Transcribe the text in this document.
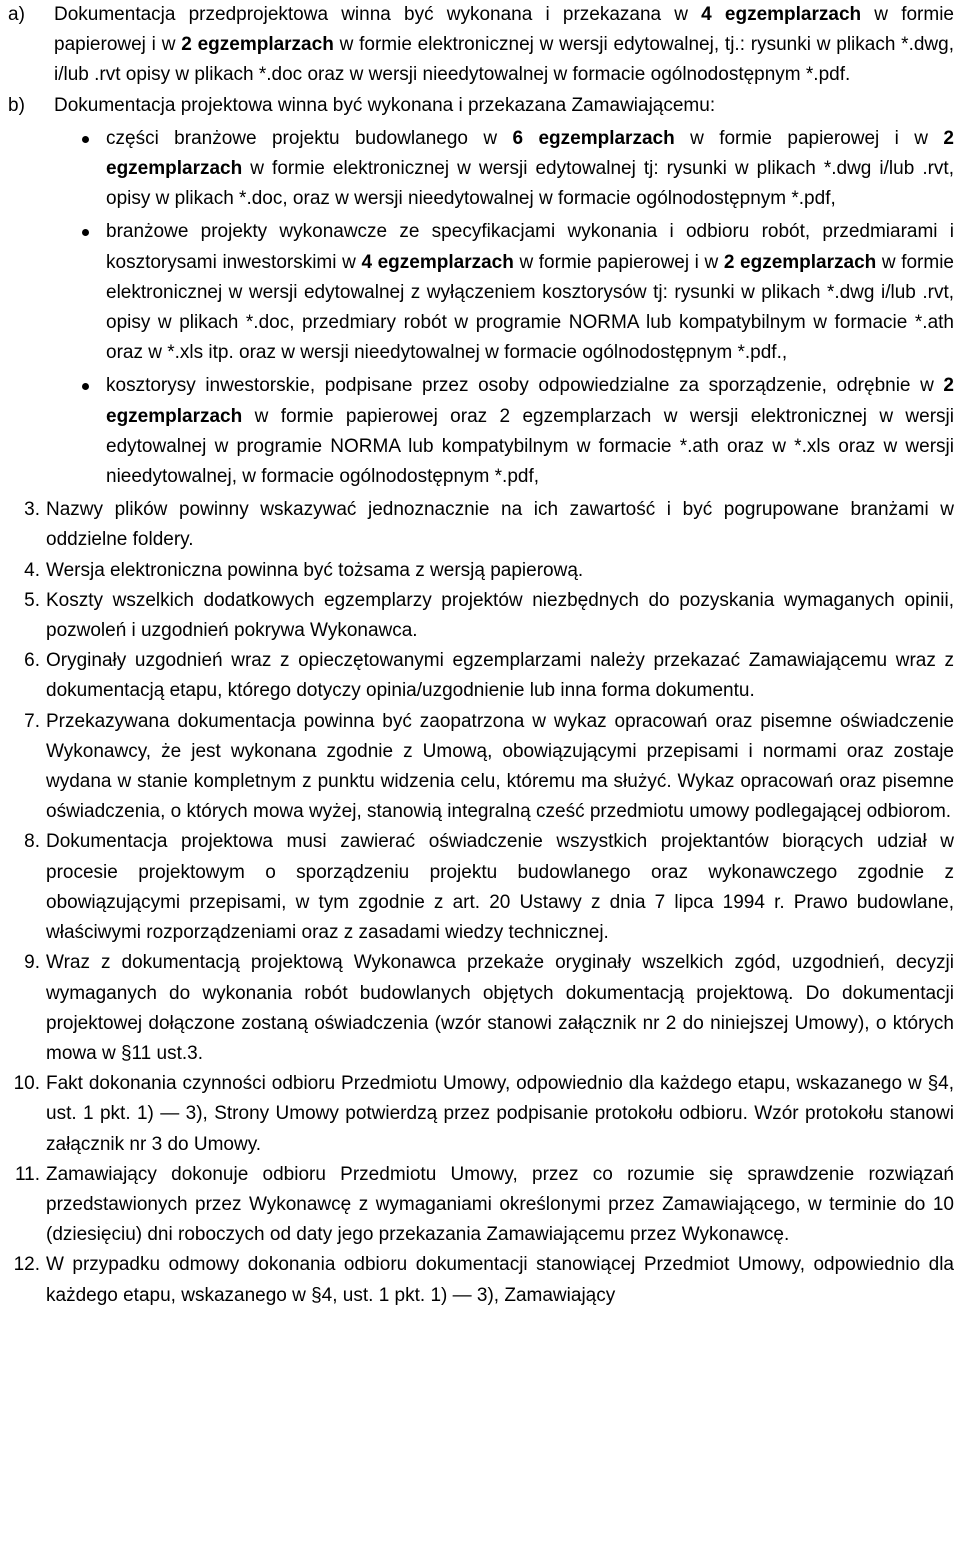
a)	Dokumentacja przedprojektowa winna być wykonana i przekazana w 4 egzemplarzach w formie papierowej i w 2 egzemplarzach w formie elektronicznej w wersji edytowalnej, tj.: rysunki w plikach *.dwg, i/lub .rvt opisy w plikach *.doc oraz w wersji nieedytowalnej w formacie ogólnodostępnym *.pdf.
b)	Dokumentacja projektowa winna być wykonana i przekazana Zamawiającemu:
części branżowe projektu budowlanego w 6 egzemplarzach w formie papierowej i w 2 egzemplarzach w formie elektronicznej w wersji edytowalnej tj: rysunki w plikach *.dwg i/lub .rvt, opisy w plikach *.doc, oraz w wersji nieedytowalnej w formacie ogólnodostępnym *.pdf,
branżowe projekty wykonawcze ze specyfikacjami wykonania i odbioru robót, przedmiarami i kosztorysami inwestorskimi w 4 egzemplarzach w formie papierowej i w 2 egzemplarzach w formie elektronicznej w wersji edytowalnej z wyłączeniem kosztorysów tj: rysunki w plikach *.dwg i/lub .rvt, opisy w plikach *.doc, przedmiary robót w programie NORMA lub kompatybilnym w formacie *.ath oraz w *.xls itp. oraz w wersji nieedytowalnej w formacie ogólnodostępnym *.pdf.,
kosztorysy inwestorskie, podpisane przez osoby odpowiedzialne za sporządzenie, odrębnie w 2 egzemplarzach w formie papierowej oraz 2 egzemplarzach w wersji elektronicznej w wersji edytowalnej w programie NORMA lub kompatybilnym w formacie *.ath oraz w *.xls oraz w wersji nieedytowalnej, w formacie ogólnodostępnym *.pdf,
3. Nazwy plików powinny wskazywać jednoznacznie na ich zawartość i być pogrupowane branżami w oddzielne foldery.
4. Wersja elektroniczna powinna być tożsama z wersją papierową.
5. Koszty wszelkich dodatkowych egzemplarzy projektów niezbędnych do pozyskania wymaganych opinii, pozwoleń i uzgodnień pokrywa Wykonawca.
6. Oryginały uzgodnień wraz z opieczętowanymi egzemplarzami należy przekazać Zamawiającemu wraz z dokumentacją etapu, którego dotyczy opinia/uzgodnienie lub inna forma dokumentu.
7. Przekazywana dokumentacja powinna być zaopatrzona w wykaz opracowań oraz pisemne oświadczenie Wykonawcy, że jest wykonana zgodnie z Umową, obowiązującymi przepisami i normami oraz zostaje wydana w stanie kompletnym z punktu widzenia celu, któremu ma służyć. Wykaz opracowań oraz pisemne oświadczenia, o których mowa wyżej, stanowią integralną cześć przedmiotu umowy podlegającej odbiorom.
8. Dokumentacja projektowa musi zawierać oświadczenie wszystkich projektantów biorących udział w procesie projektowym o sporządzeniu projektu budowlanego oraz wykonawczego zgodnie z obowiązującymi przepisami, w tym zgodnie z art. 20 Ustawy z dnia 7 lipca 1994 r. Prawo budowlane, właściwymi rozporządzeniami oraz z zasadami wiedzy technicznej.
9. Wraz z dokumentacją projektową Wykonawca przekaże oryginały wszelkich zgód, uzgodnień, decyzji wymaganych do wykonania robót budowlanych objętych dokumentacją projektową. Do dokumentacji projektowej dołączone zostaną oświadczenia (wzór stanowi załącznik nr 2 do niniejszej Umowy), o których mowa w §11 ust.3.
10. Fakt dokonania czynności odbioru Przedmiotu Umowy, odpowiednio dla każdego etapu, wskazanego w §4, ust. 1 pkt. 1) — 3), Strony Umowy potwierdzą przez podpisanie protokołu odbioru. Wzór protokołu stanowi załącznik nr 3 do Umowy.
11. Zamawiający dokonuje odbioru Przedmiotu Umowy, przez co rozumie się sprawdzenie rozwiązań przedstawionych przez Wykonawcę z wymaganiami określonymi przez Zamawiającego, w terminie do 10 (dziesięciu) dni roboczych od daty jego przekazania Zamawiającemu przez Wykonawcę.
12. W przypadku odmowy dokonania odbioru dokumentacji stanowiącej Przedmiot Umowy, odpowiednio dla każdego etapu, wskazanego w §4, ust. 1 pkt. 1) — 3), Zamawiający
